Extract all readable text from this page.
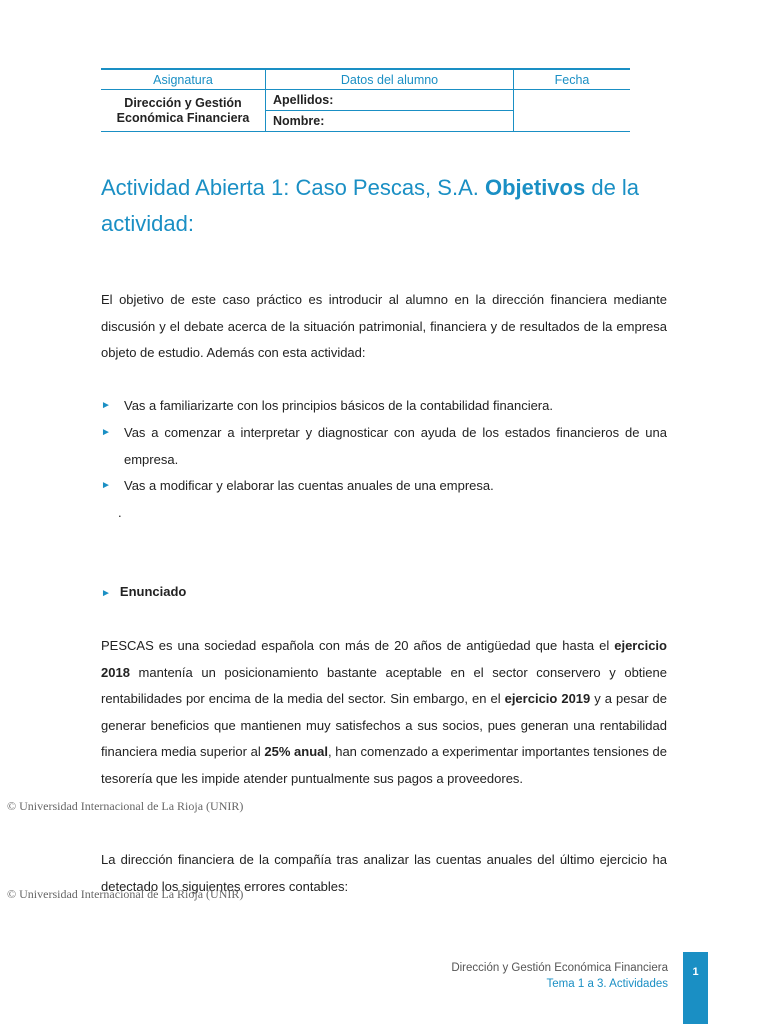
Asignatura	Datos del alumno	Fecha
Dirección y Gestión Económica Financiera	Apellidos:	
	Nombre:	
Actividad Abierta 1: Caso Pescas, S.A. Objetivos de la actividad:

El objetivo de este caso práctico es introducir al alumno en la dirección financiera mediante discusión y el debate acerca de la situación patrimonial, financiera y de resultados de la empresa objeto de estudio. Además con esta actividad:

►	Vas a familiarizarte con los principios básicos de la contabilidad financiera.
►	Vas a comenzar a interpretar y diagnosticar con ayuda de los estados financieros de una empresa.
►	Vas a modificar y elaborar las cuentas anuales de una empresa.
.
► Enunciado

PESCAS es una sociedad española con más de 20 años de antigüedad que hasta el ejercicio 2018 mantenía un posicionamiento bastante aceptable en el sector conservero y obtiene rentabilidades por encima de la media del sector. Sin embargo, en el ejercicio 2019 y a pesar de generar beneficios que mantienen muy satisfechos a sus socios, pues generan una rentabilidad financiera media superior al 25% anual, han comenzado a experimentar importantes tensiones de tesorería que les impide atender puntualmente sus pagos a proveedores.

© Universidad Internacional de La Rioja (UNIR)

La dirección financiera de la compañía tras analizar las cuentas anuales del último ejercicio ha detectado los siguientes errores contables:

© Universidad Internacional de La Rioja (UNIR)
Dirección y Gestión Económica Financiera
Tema 1 a 3. Actividades
1
